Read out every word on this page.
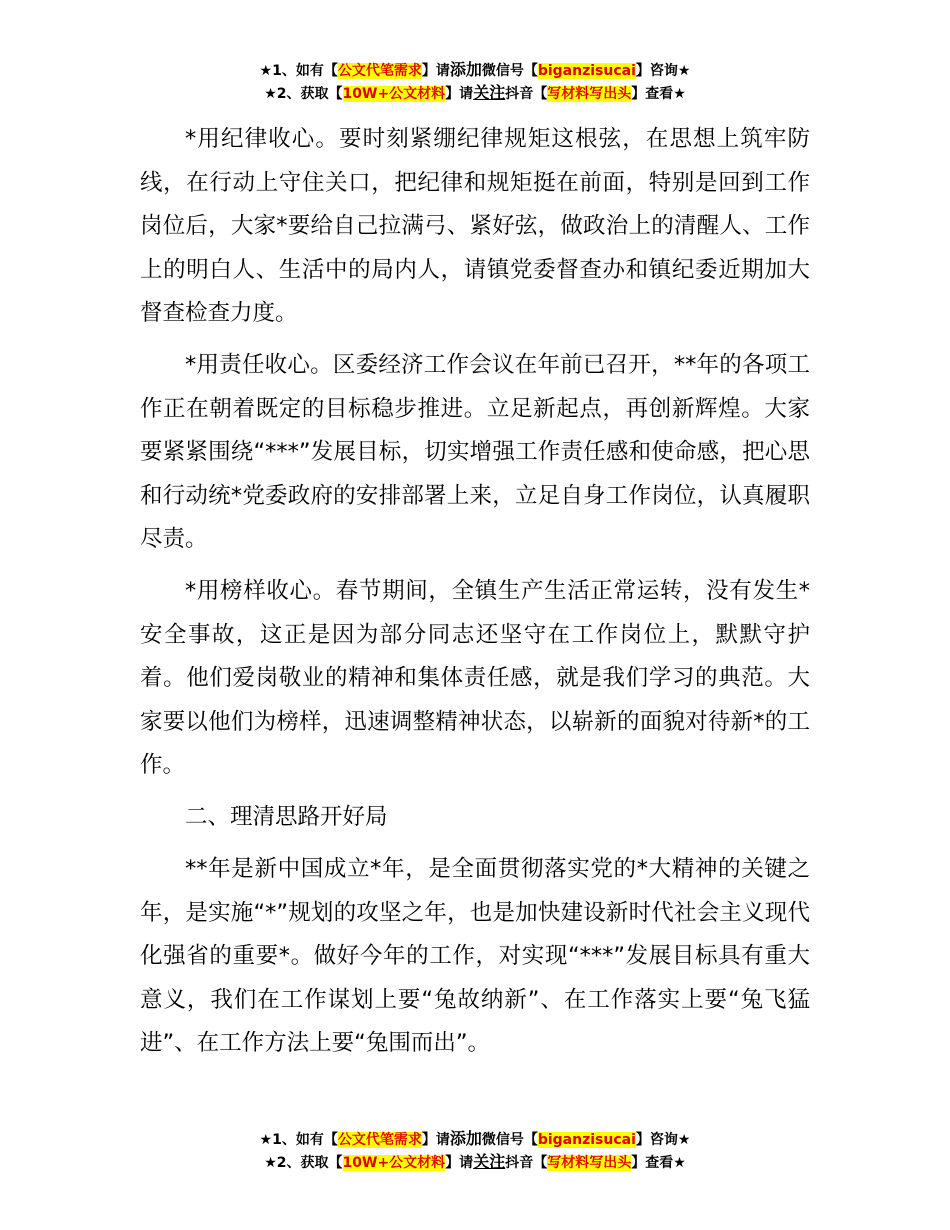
★1、如有【公文代笔需求】请添加微信号【biganzisucai】咨询★
★2、获取【10W+公文材料】请关注抖音【写材料写出头】查看★

*用纪律收心。要时刻紧绷纪律规矩这根弦，在思想上筑牢防线，在行动上守住关口，把纪律和规矩挺在前面，特别是回到工作岗位后，大家*要给自己拉满弓、紧好弦，做政治上的清醒人、工作上的明白人、生活中的局内人，请镇党委督查办和镇纪委近期加大督查检查力度。

*用责任收心。区委经济工作会议在年前已召开，**年的各项工作正在朝着既定的目标稳步推进。立足新起点，再创新辉煌。大家要紧紧围绕“***”发展目标，切实增强工作责任感和使命感，把心思和行动统*党委政府的安排部署上来，立足自身工作岗位，认真履职尽责。

*用榜样收心。春节期间，全镇生产生活正常运转，没有发生*安全事故，这正是因为部分同志还坚守在工作岗位上，默默守护着。他们爱岗敬业的精神和集体责任感，就是我们学习的典范。大家要以他们为榜样，迅速调整精神状态，以崭新的面貌对待新*的工作。

二、理清思路开好局

**年是新中国成立*年，是全面贯彻落实党的*大精神的关键之年，是实施“*”规划的攻坚之年，也是加快建设新时代社会主义现代化强省的重要*。做好今年的工作，对实现“***”发展目标具有重大意义，我们在工作谋划上要“兔故纳新”、在工作落实上要“兔飞猛进”、在工作方法上要“兔围而出”。

★1、如有【公文代笔需求】请添加微信号【biganzisucai】咨询★
★2、获取【10W+公文材料】请关注抖音【写材料写出头】查看★
